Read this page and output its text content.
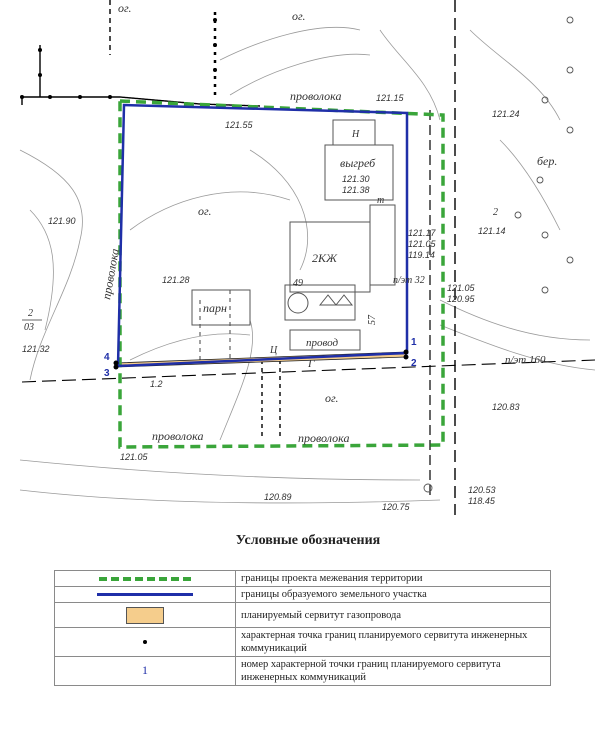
1
2
3
4
ог.
ог.
ог.
ог.
проволока
проволока
проволока	проволока
провод
выгреб
Н
2КЖ
парн
бер.
Г
т
п/эт 160
п/эт 32
57
49
Ц
2
2
03
121.15
121.55
121.24
121.30
121.38
121.90
121.17
121.05
119.14
121.14
121.28
121.05
120.95
121.32
120.83
121.05
120.89
120.53
118.45
120.75
1.2
Условные обозначения
	границы проекта межевания территории
	границы образуемого земельного участка
	планируемый сервитут газопровода
	характерная точка границ планируемого сервитута инженерных коммуникаций
1	номер характерной точки границ планируемого сервитута инженерных коммуникаций
